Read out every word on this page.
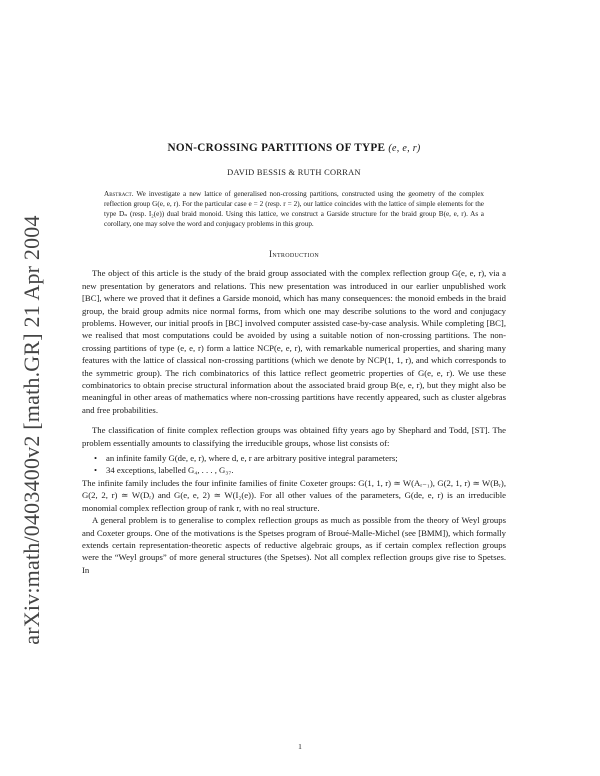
arXiv:math/0403400v2 [math.GR] 21 Apr 2004
NON-CROSSING PARTITIONS OF TYPE (e, e, r)
DAVID BESSIS & RUTH CORRAN
Abstract. We investigate a new lattice of generalised non-crossing partitions, constructed using the geometry of the complex reflection group G(e, e, r). For the particular case e = 2 (resp. r = 2), our lattice coincides with the lattice of simple elements for the type Dₙ (resp. I₂(e)) dual braid monoid. Using this lattice, we construct a Garside structure for the braid group B(e, e, r). As a corollary, one may solve the word and conjugacy problems in this group.
Introduction

The object of this article is the study of the braid group associated with the complex reflection group G(e, e, r), via a new presentation by generators and relations. This new presentation was introduced in our earlier unpublished work [BC], where we proved that it defines a Garside monoid, which has many consequences: the monoid embeds in the braid group, the braid group admits nice normal forms, from which one may describe solutions to the word and conjugacy problems. However, our initial proofs in [BC] involved computer assisted case-by-case analysis. While completing [BC], we realised that most computations could be avoided by using a suitable notion of non-crossing partitions. The non-crossing partitions of type (e, e, r) form a lattice NCP(e, e, r), with remarkable numerical properties, and sharing many features with the lattice of classical non-crossing partitions (which we denote by NCP(1, 1, r), and which corresponds to the symmetric group). The rich combinatorics of this lattice reflect geometric properties of G(e, e, r). We use these combinatorics to obtain precise structural information about the associated braid group B(e, e, r), but they might also be meaningful in other areas of mathematics where non-crossing partitions have recently appeared, such as cluster algebras and free probabilities.

The classification of finite complex reflection groups was obtained fifty years ago by Shephard and Todd, [ST]. The problem essentially amounts to classifying the irreducible groups, whose list consists of:

• an infinite family G(de, e, r), where d, e, r are arbitrary positive integral parameters;
• 34 exceptions, labelled G₄, . . . , G₃₇.

The infinite family includes the four infinite families of finite Coxeter groups: G(1, 1, r) ≃ W(Aᵣ₋₁), G(2, 1, r) ≃ W(Bᵣ), G(2, 2, r) ≃ W(Dᵣ) and G(e, e, 2) ≃ W(I₂(e)). For all other values of the parameters, G(de, e, r) is an irreducible monomial complex reflection group of rank r, with no real structure.

A general problem is to generalise to complex reflection groups as much as possible from the theory of Weyl groups and Coxeter groups. One of the motivations is the Spetses program of Broué-Malle-Michel (see [BMM]), which formally extends certain representation-theoretic aspects of reductive algebraic groups, as if certain complex reflection groups were the “Weyl groups” of more general structures (the Spetses). Not all complex reflection groups give rise to Spetses. In

1
